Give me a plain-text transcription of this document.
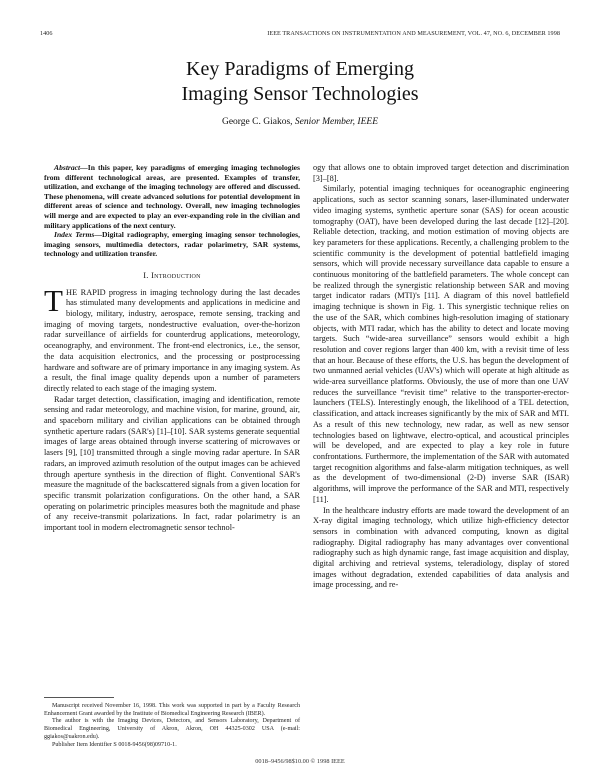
1406	IEEE TRANSACTIONS ON INSTRUMENTATION AND MEASUREMENT, VOL. 47, NO. 6, DECEMBER 1998
Key Paradigms of Emerging
Imaging Sensor Technologies
George C. Giakos, Senior Member, IEEE

Abstract—In this paper, key paradigms of emerging imaging technologies from different technological areas, are presented. Examples of transfer, utilization, and exchange of the imaging technology are offered and discussed. These phenomena, will create advanced solutions for potential development in different areas of science and technology. Overall, new imaging technologies will merge and are expected to play an ever-expanding role in the civilian and military applications of the next century.

Index Terms—Digital radiography, emerging imaging sensor technologies, imaging sensors, multimedia detectors, radar polarimetry, SAR systems, technology and utilization transfer.

I. Introduction

THE RAPID progress in imaging technology during the last decades has stimulated many developments and applications in medicine and biology, military, industry, aerospace, remote sensing, tracking and imaging of moving targets, nondestructive evaluation, over-the-horizon radar surveillance of airfields for counterdrug applications, meteorology, oceanography, and environment. The front-end electronics, i.e., the sensor, the data acquisition electronics, and the processing or postprocessing hardware and software are of primary importance in any imaging system. As a result, the final image quality depends upon a number of parameters directly related to each stage of the imaging system.

Radar target detection, classification, imaging and identification, remote sensing and radar meteorology, and machine vision, for marine, ground, air, and spaceborn military and civilian applications can be obtained through synthetic aperture radars (SAR's) [1]–[10]. SAR systems generate sequential images of large areas obtained through inverse scattering of microwaves or lasers [9], [10] transmitted through a single moving radar aperture. In SAR radars, an improved azimuth resolution of the output images can be achieved through aperture synthesis in the direction of flight. Conventional SAR's measure the magnitude of the backscattered signals from a given location for specific transmit polarization configurations. On the other hand, a SAR operating on polarimetric principles measures both the magnitude and phase of any receive-transmit polarizations. In fact, radar polarimetry is an important tool in modern electromagnetic sensor technol-

ogy that allows one to obtain improved target detection and discrimination [3]–[8].

Similarly, potential imaging techniques for oceanographic engineering applications, such as sector scanning sonars, laser-illuminated underwater video imaging systems, synthetic aperture sonar (SAS) for ocean acoustic tomography (OAT), have been developed during the last decade [12]–[20]. Reliable detection, tracking, and motion estimation of moving objects are key parameters for these applications. Recently, a challenging problem to the scientific community is the development of potential battlefield imaging sensors, which will provide necessary surveillance data capable to ensure a continuous monitoring of the battlefield parameters. The whole concept can be realized through the synergistic relationship between SAR and moving target indicator radars (MTI)'s [11]. A diagram of this novel battlefield imaging technique is shown in Fig. 1. This synergistic technique relies on the use of the SAR, which combines high-resolution imaging of stationary objects, with MTI radar, which has the ability to detect and locate moving targets. Such “wide-area surveillance” sensors would exhibit a high resolution and cover regions larger than 400 km, with a revisit time of less that an hour. Because of these efforts, the U.S. has begun the development of two unmanned aerial vehicles (UAV's) which will operate at high altitude as wide-area surveillance platforms. Obviously, the use of more than one UAV reduces the surveillance “revisit time” relative to the transporter-erector-launchers (TELS). Interestingly enough, the likelihood of a TEL detection, classification, and attack increases significantly by the mix of SAR and MTI. As a result of this new technology, new radar, as well as new sensor technologies based on lightwave, electro-optical, and acoustical principles will be developed, and are expected to play a key role in future confrontations. Furthermore, the implementation of the SAR with automated target recognition algorithms and false-alarm mitigation techniques, as well as the development of two-dimensional (2-D) inverse SAR (ISAR) algorithms, will improve the performance of the SAR and MTI, respectively [11].

In the healthcare industry efforts are made toward the development of an X-ray digital imaging technology, which utilize high-efficiency detector sensors in combination with advanced computing, known as digital radiography. Digital radiography has many advantages over conventional radiography such as high dynamic range, fast image acquisition and display, digital archiving and retrieval systems, teleradiology, display of stored images without degradation, extended capabilities of data analysis and image processing, and re-

Manuscript received November 16, 1998. This work was supported in part by a Faculty Research Enhancement Grant awarded by the Institute of Biomedical Engineering Research (IBER).

The author is with the Imaging Devices, Detectors, and Sensors Laboratory, Department of Biomedical Engineering, University of Akron, Akron, OH 44325-0302 USA (e-mail: ggiakos@uakron.edu).

Publisher Item Identifier S 0018-9456(98)09710-1.

0018–9456/98$10.00 © 1998 IEEE
